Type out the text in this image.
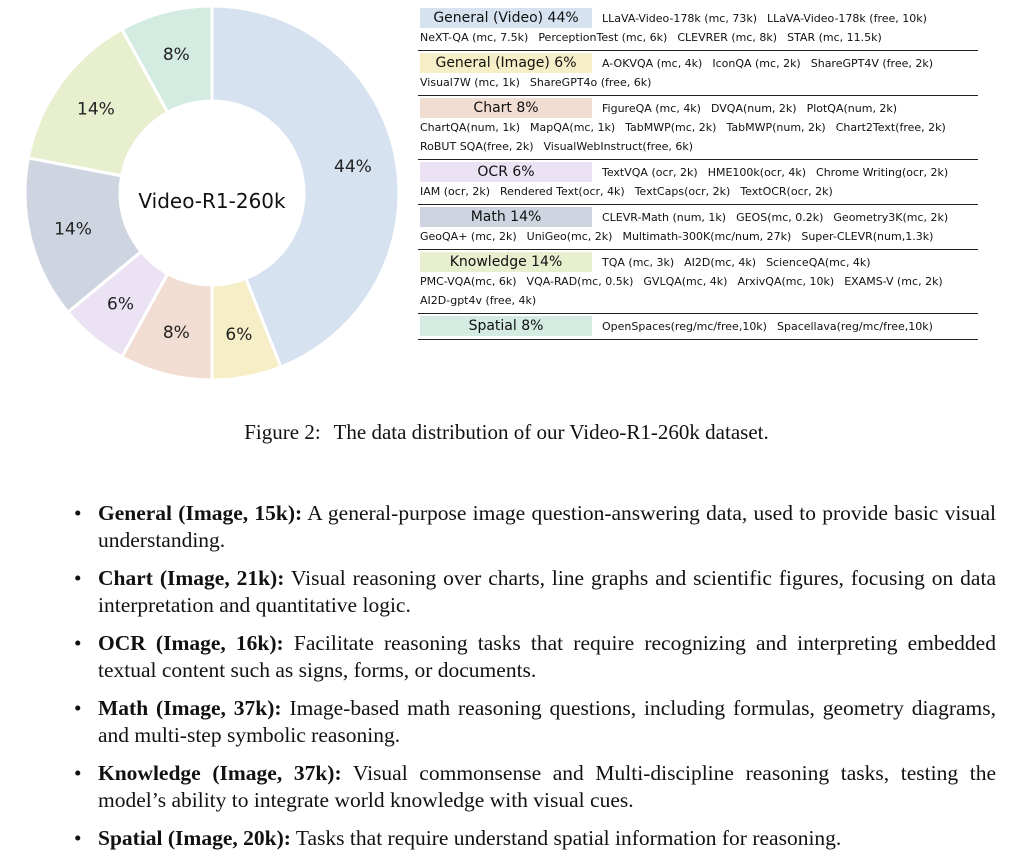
44%
6%
8%
6%
14%
14%
8%
Video-R1-260k
General (Video) 44%	LLaVA-Video-178k (mc, 73k) LLaVA-Video-178k (free, 10k)
NeXT-QA (mc, 7.5k) PerceptionTest (mc, 6k) CLEVRER (mc, 8k) STAR (mc, 11.5k)
General (Image) 6%	A-OKVQA (mc, 4k) IconQA (mc, 2k) ShareGPT4V (free, 2k)
Visual7W (mc, 1k) ShareGPT4o (free, 6k)
Chart 8%	FigureQA (mc, 4k) DVQA(num, 2k) PlotQA(num, 2k)
ChartQA(num, 1k) MapQA(mc, 1k) TabMWP(mc, 2k) TabMWP(num, 2k) Chart2Text(free, 2k)
RoBUT SQA(free, 2k) VisualWebInstruct(free, 6k)
OCR 6%	TextVQA (ocr, 2k) HME100k(ocr, 4k) Chrome Writing(ocr, 2k)
IAM (ocr, 2k) Rendered Text(ocr, 4k) TextCaps(ocr, 2k) TextOCR(ocr, 2k)
Math 14%	CLEVR-Math (num, 1k) GEOS(mc, 0.2k) Geometry3K(mc, 2k)
GeoQA+ (mc, 2k) UniGeo(mc, 2k) Multimath-300K(mc/num, 27k) Super-CLEVR(num,1.3k)
Knowledge 14%	TQA (mc, 3k) AI2D(mc, 4k) ScienceQA(mc, 4k)
PMC-VQA(mc, 6k) VQA-RAD(mc, 0.5k) GVLQA(mc, 4k) ArxivQA(mc, 10k) EXAMS-V (mc, 2k)
AI2D-gpt4v (free, 4k)
Spatial 8%	OpenSpaces(reg/mc/free,10k) Spacellava(reg/mc/free,10k)
Figure 2: The data distribution of our Video-R1-260k dataset.
• General (Image, 15k): A general-purpose image question-answering data, used to provide basic visual understanding.
• Chart (Image, 21k): Visual reasoning over charts, line graphs and scientific figures, focusing on data interpretation and quantitative logic.
• OCR (Image, 16k): Facilitate reasoning tasks that require recognizing and interpreting embedded textual content such as signs, forms, or documents.
• Math (Image, 37k): Image-based math reasoning questions, including formulas, geometry diagrams, and multi-step symbolic reasoning.
• Knowledge (Image, 37k): Visual commonsense and Multi-discipline reasoning tasks, testing the model’s ability to integrate world knowledge with visual cues.
• Spatial (Image, 20k): Tasks that require understand spatial information for reasoning.
